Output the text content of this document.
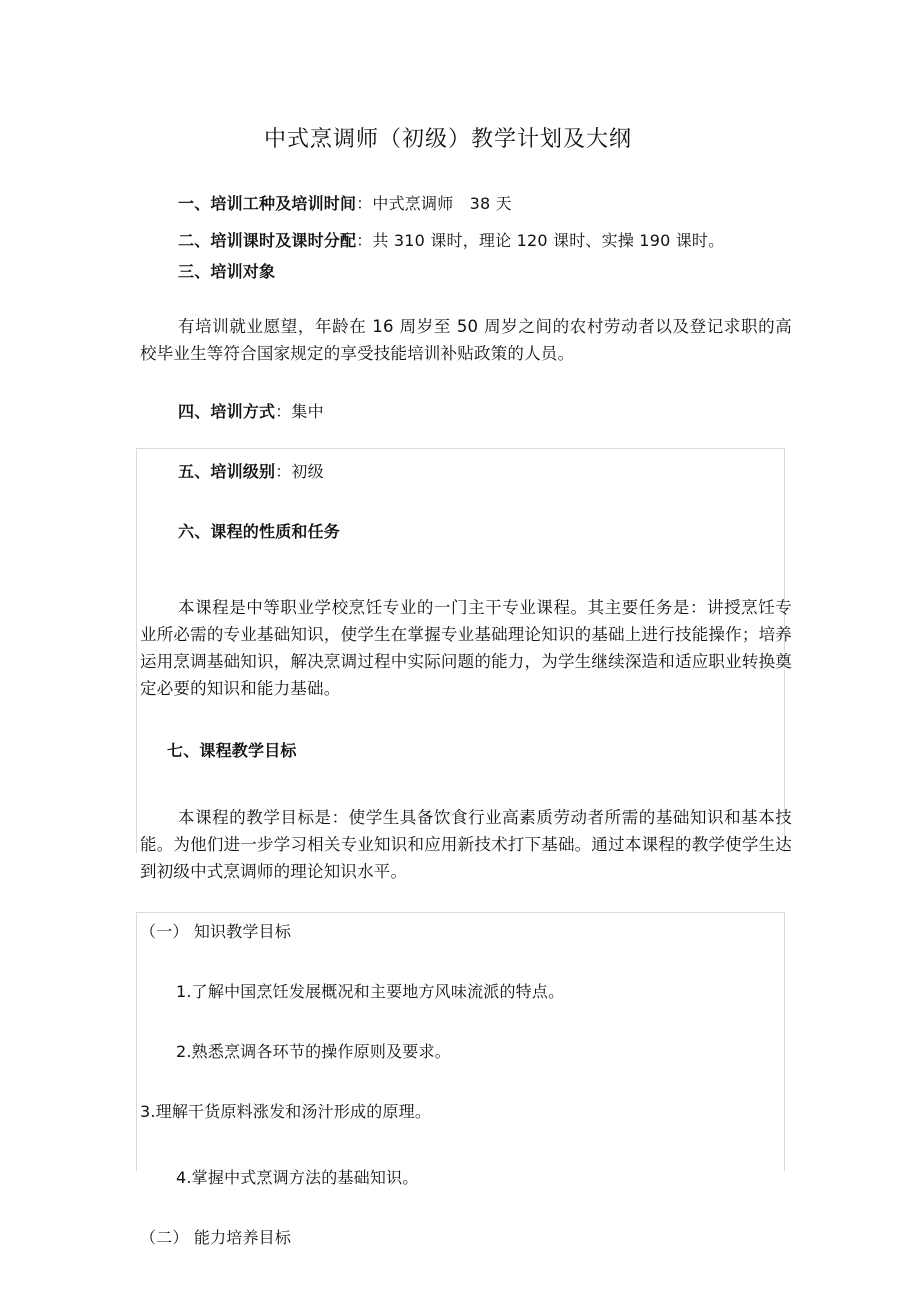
中式烹调师（初级）教学计划及大纲
一、培训工种及培训时间：中式烹调师　38 天
二、培训课时及课时分配：共 310 课时，理论 120 课时、实操 190 课时。
三、培训对象
有培训就业愿望，年龄在 16 周岁至 50 周岁之间的农村劳动者以及登记求职的高校毕业生等符合国家规定的享受技能培训补贴政策的人员。
四、培训方式：集中
五、培训级别：初级
六、课程的性质和任务
本课程是中等职业学校烹饪专业的一门主干专业课程。其主要任务是：讲授烹饪专业所必需的专业基础知识，使学生在掌握专业基础理论知识的基础上进行技能操作；培养运用烹调基础知识，解决烹调过程中实际问题的能力，为学生继续深造和适应职业转换奠定必要的知识和能力基础。
七、课程教学目标
本课程的教学目标是：使学生具备饮食行业高素质劳动者所需的基础知识和基本技能。为他们进一步学习相关专业知识和应用新技术打下基础。通过本课程的教学使学生达到初级中式烹调师的理论知识水平。
（一） 知识教学目标
1.了解中国烹饪发展概况和主要地方风味流派的特点。
2.熟悉烹调各环节的操作原则及要求。
3.理解干货原料涨发和汤汁形成的原理。
4.掌握中式烹调方法的基础知识。
（二） 能力培养目标
